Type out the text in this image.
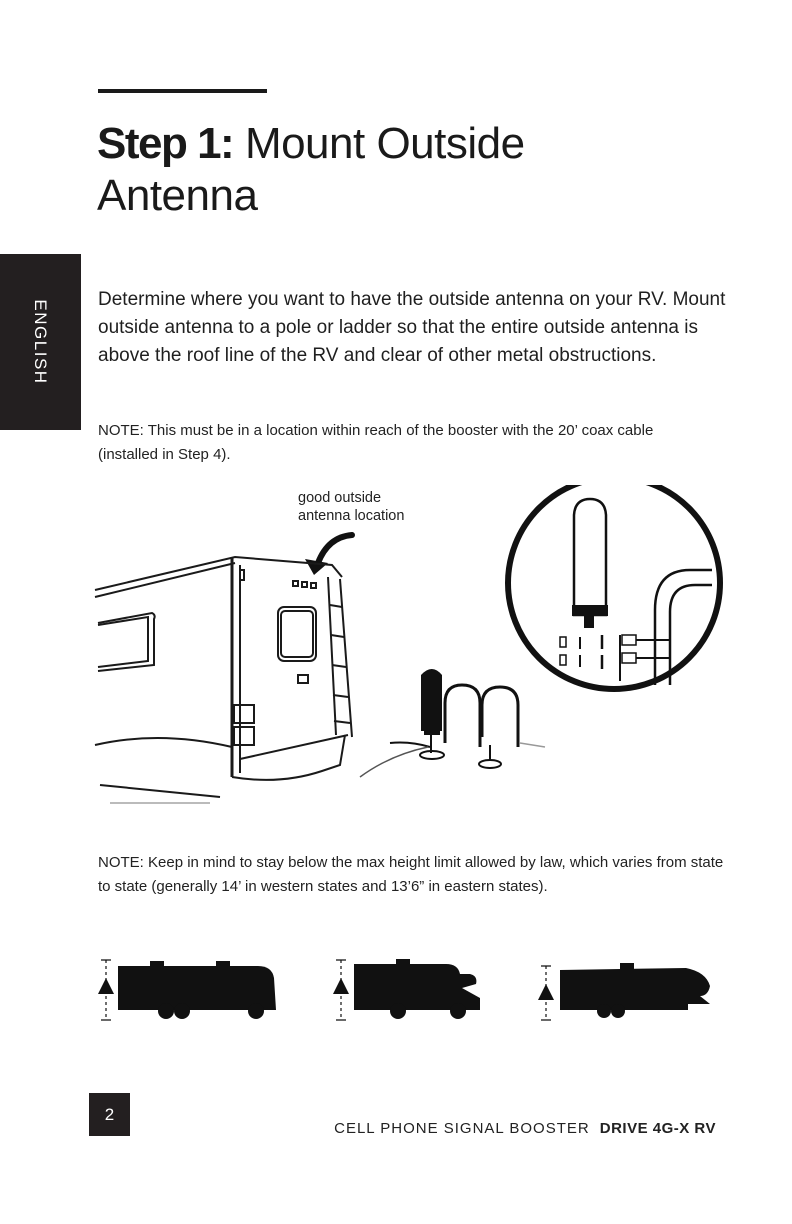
Step 1: Mount Outside
Antenna
ENGLISH	Determine where you want to have the outside antenna on your RV. Mount outside antenna to a pole or ladder so that the entire outside antenna is above the roof line of the RV and clear of other metal obstructions.

NOTE: This must be in a location within reach of the booster with the 20’ coax cable (installed in Step 4).

good outside
antenna location

NOTE: Keep in mind to stay below the max height limit allowed by law, which varies from state to state (generally 14’ in western states and 13’6” in eastern states).

2
CELL PHONE SIGNAL BOOSTER DRIVE 4G-X RV
